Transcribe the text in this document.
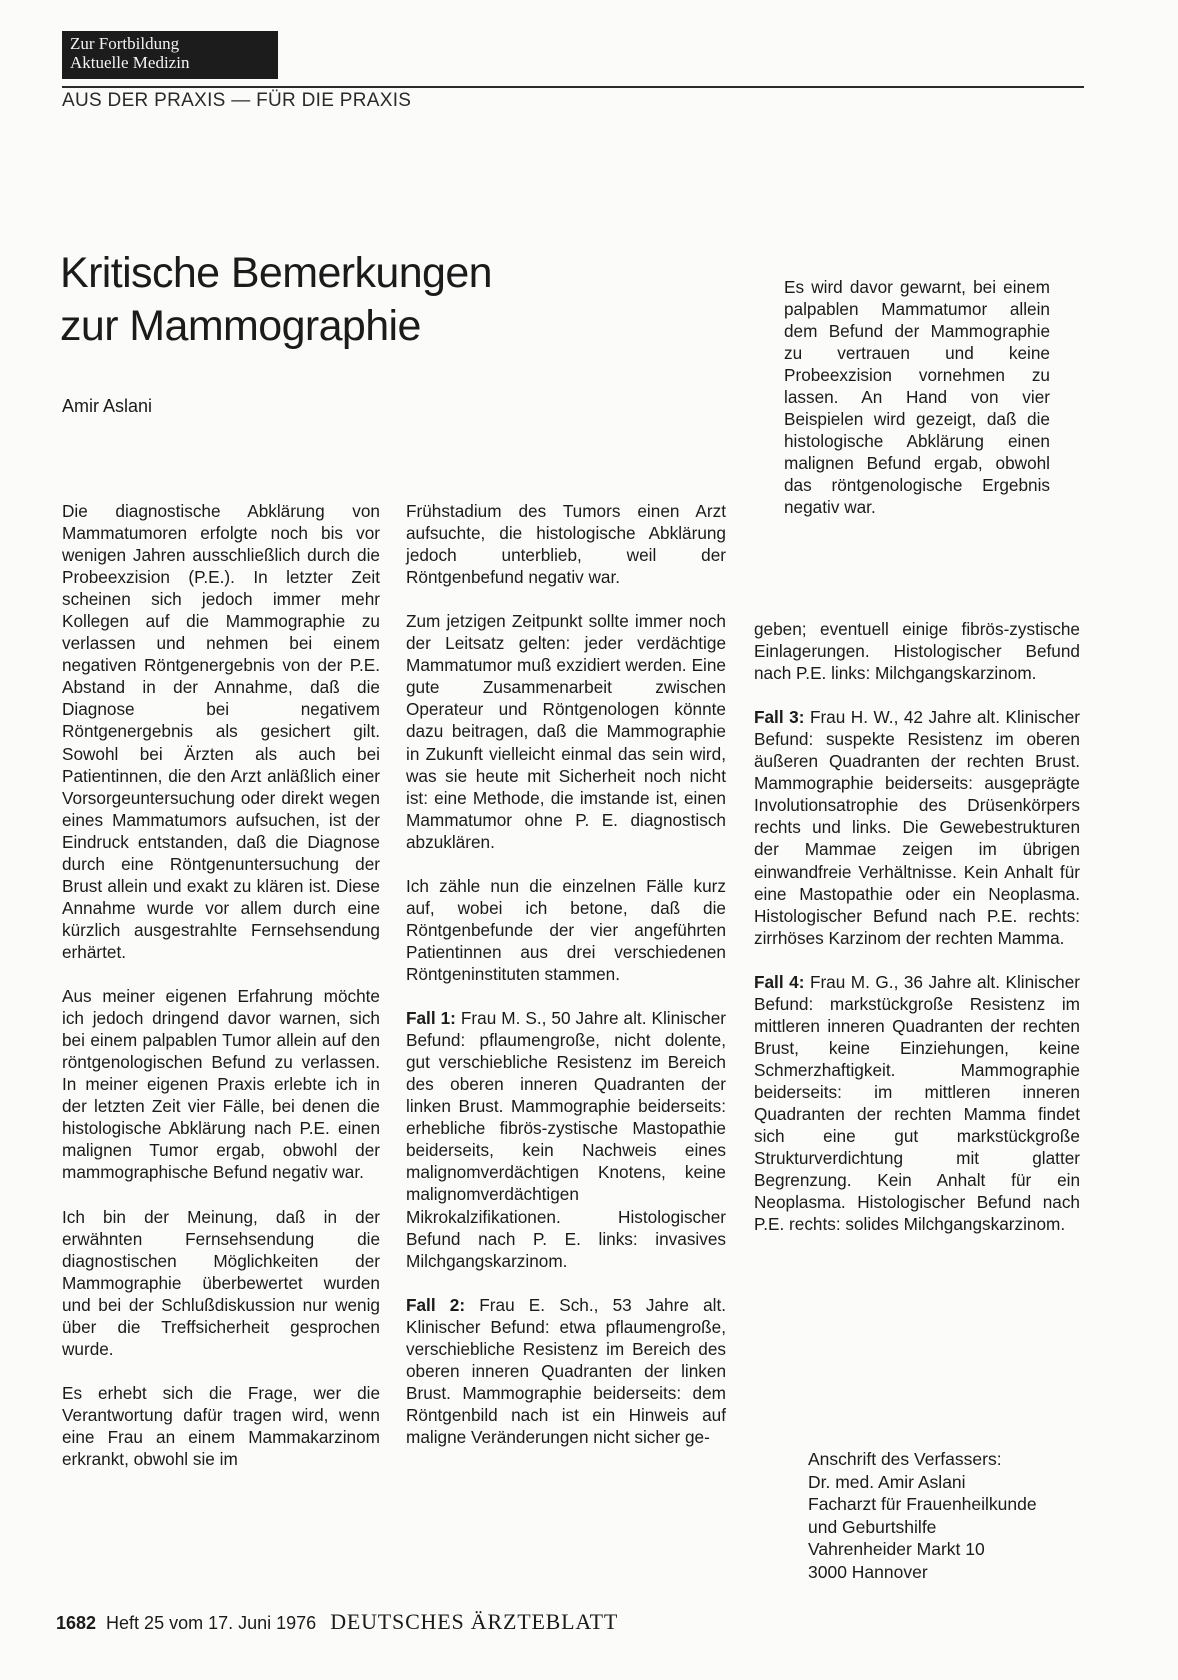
Zur Fortbildung
Aktuelle Medizin
AUS DER PRAXIS — FÜR DIE PRAXIS
Kritische Bemerkungen
zur Mammographie
Amir Aslani
Es wird davor gewarnt, bei einem palpablen Mammatumor allein dem Befund der Mammographie zu vertrauen und keine Probeexzision vornehmen zu lassen. An Hand von vier Beispielen wird gezeigt, daß die histologische Abklärung einen malignen Befund ergab, obwohl das röntgenologische Ergebnis negativ war.

Die diagnostische Abklärung von Mammatumoren erfolgte noch bis vor wenigen Jahren ausschließlich durch die Probeexzision (P.E.). In letzter Zeit scheinen sich jedoch immer mehr Kollegen auf die Mammographie zu verlassen und nehmen bei einem negativen Röntgenergebnis von der P.E. Abstand in der Annahme, daß die Diagnose bei negativem Röntgenergebnis als gesichert gilt. Sowohl bei Ärzten als auch bei Patientinnen, die den Arzt anläßlich einer Vorsorgeuntersuchung oder direkt wegen eines Mammatumors aufsuchen, ist der Eindruck entstanden, daß die Diagnose durch eine Röntgenuntersuchung der Brust allein und exakt zu klären ist. Diese Annahme wurde vor allem durch eine kürzlich ausgestrahlte Fernsehsendung erhärtet.

Aus meiner eigenen Erfahrung möchte ich jedoch dringend davor warnen, sich bei einem palpablen Tumor allein auf den röntgenologischen Befund zu verlassen. In meiner eigenen Praxis erlebte ich in der letzten Zeit vier Fälle, bei denen die histologische Abklärung nach P.E. einen malignen Tumor ergab, obwohl der mammographische Befund negativ war.

Ich bin der Meinung, daß in der erwähnten Fernsehsendung die diagnostischen Möglichkeiten der Mammographie überbewertet wurden und bei der Schlußdiskussion nur wenig über die Treffsicherheit gesprochen wurde.

Es erhebt sich die Frage, wer die Verantwortung dafür tragen wird, wenn eine Frau an einem Mammakarzinom erkrankt, obwohl sie im

Frühstadium des Tumors einen Arzt aufsuchte, die histologische Abklärung jedoch unterblieb, weil der Röntgenbefund negativ war.

Zum jetzigen Zeitpunkt sollte immer noch der Leitsatz gelten: jeder verdächtige Mammatumor muß exzidiert werden. Eine gute Zusammenarbeit zwischen Operateur und Röntgenologen könnte dazu beitragen, daß die Mammographie in Zukunft vielleicht einmal das sein wird, was sie heute mit Sicherheit noch nicht ist: eine Methode, die imstande ist, einen Mammatumor ohne P. E. diagnostisch abzuklären.

Ich zähle nun die einzelnen Fälle kurz auf, wobei ich betone, daß die Röntgenbefunde der vier angeführten Patientinnen aus drei verschiedenen Röntgeninstituten stammen.

Fall 1: Frau M. S., 50 Jahre alt. Klinischer Befund: pflaumengroße, nicht dolente, gut verschiebliche Resistenz im Bereich des oberen inneren Quadranten der linken Brust. Mammographie beiderseits: erhebliche fibrös-zystische Mastopathie beiderseits, kein Nachweis eines malignomverdächtigen Knotens, keine malignomverdächtigen Mikrokalzifikationen. Histologischer Befund nach P. E. links: invasives Milchgangskarzinom.

Fall 2: Frau E. Sch., 53 Jahre alt. Klinischer Befund: etwa pflaumengroße, verschiebliche Resistenz im Bereich des oberen inneren Quadranten der linken Brust. Mammographie beiderseits: dem Röntgenbild nach ist ein Hinweis auf maligne Veränderungen nicht sicher ge-

geben; eventuell einige fibrös-zystische Einlagerungen. Histologischer Befund nach P.E. links: Milchgangskarzinom.

Fall 3: Frau H. W., 42 Jahre alt. Klinischer Befund: suspekte Resistenz im oberen äußeren Quadranten der rechten Brust. Mammographie beiderseits: ausgeprägte Involutionsatrophie des Drüsenkörpers rechts und links. Die Gewebestrukturen der Mammae zeigen im übrigen einwandfreie Verhältnisse. Kein Anhalt für eine Mastopathie oder ein Neoplasma. Histologischer Befund nach P.E. rechts: zirrhöses Karzinom der rechten Mamma.

Fall 4: Frau M. G., 36 Jahre alt. Klinischer Befund: markstückgroße Resistenz im mittleren inneren Quadranten der rechten Brust, keine Einziehungen, keine Schmerzhaftigkeit. Mammographie beiderseits: im mittleren inneren Quadranten der rechten Mamma findet sich eine gut markstückgroße Strukturverdichtung mit glatter Begrenzung. Kein Anhalt für ein Neoplasma. Histologischer Befund nach P.E. rechts: solides Milchgangskarzinom.

Anschrift des Verfassers:
Dr. med. Amir Aslani
Facharzt für Frauenheilkunde
und Geburtshilfe
Vahrenheider Markt 10
3000 Hannover
1682 Heft 25 vom 17. Juni 1976 DEUTSCHES ÄRZTEBLATT
